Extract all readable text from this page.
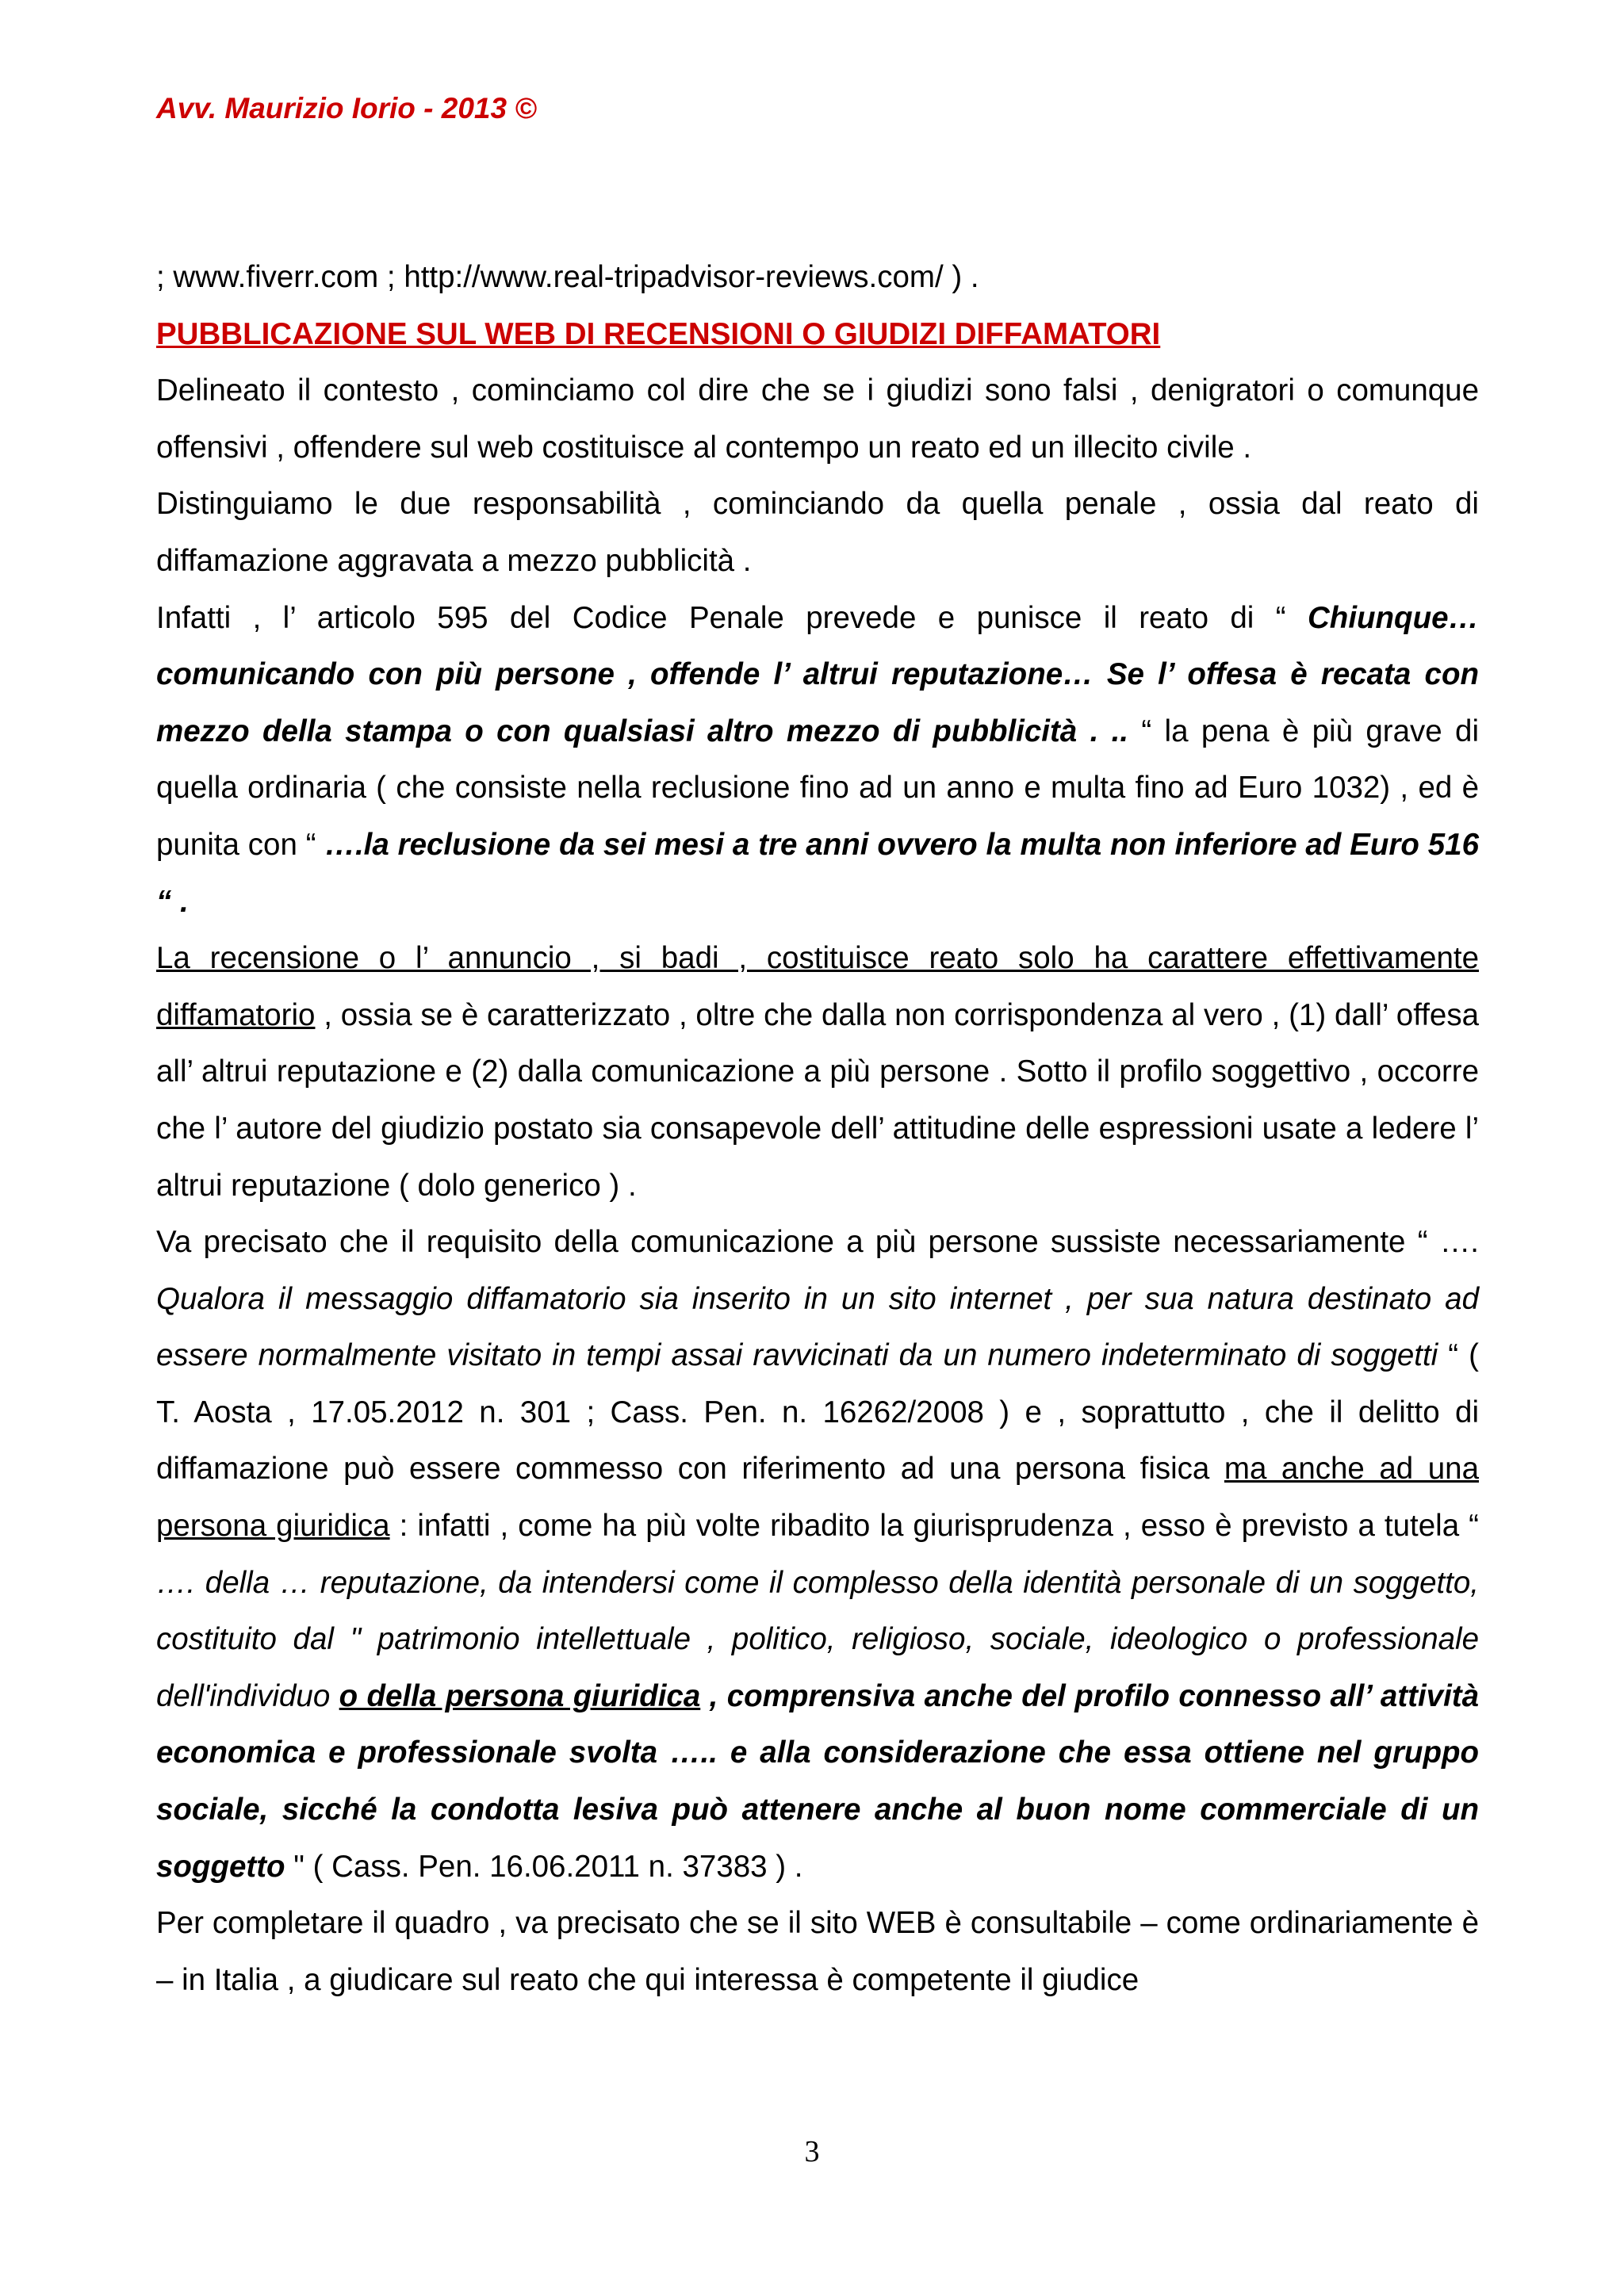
Avv. Maurizio Iorio - 2013 ©

; www.fiverr.com ; http://www.real-tripadvisor-reviews.com/ ) .

PUBBLICAZIONE SUL WEB DI RECENSIONI O GIUDIZI DIFFAMATORI

Delineato il contesto , cominciamo col dire che se i giudizi sono falsi , denigratori o comunque offensivi , offendere sul web costituisce al contempo un reato ed un illecito civile .

Distinguiamo le due responsabilità , cominciando da quella penale , ossia dal reato di diffamazione aggravata a mezzo pubblicità .

Infatti , l’ articolo 595 del Codice Penale prevede e punisce il reato di “ Chiunque… comunicando con più persone , offende l’ altrui reputazione… Se l’ offesa è recata con mezzo della stampa o con qualsiasi altro mezzo di pubblicità . .. “ la pena è più grave di quella ordinaria ( che consiste nella reclusione fino ad un anno e multa fino ad Euro 1032) , ed è punita con “ ….la reclusione da sei mesi a tre anni ovvero la multa non inferiore ad Euro 516 “ .

La recensione o l’ annuncio , si badi , costituisce reato solo ha carattere effettivamente diffamatorio , ossia se è caratterizzato , oltre che dalla non corrispondenza al vero , (1) dall’ offesa all’ altrui reputazione e (2) dalla comunicazione a più persone . Sotto il profilo soggettivo , occorre che l’ autore del giudizio postato sia consapevole dell’ attitudine delle espressioni usate a ledere l’ altrui reputazione ( dolo generico ) .

Va precisato che il requisito della comunicazione a più persone sussiste necessariamente “ …. Qualora il messaggio diffamatorio sia inserito in un sito internet , per sua natura destinato ad essere normalmente visitato in tempi assai ravvicinati da un numero indeterminato di soggetti “ ( T. Aosta , 17.05.2012 n. 301 ; Cass. Pen. n. 16262/2008 ) e , soprattutto , che il delitto di diffamazione può essere commesso con riferimento ad una persona fisica ma anche ad una persona giuridica : infatti , come ha più volte ribadito la giurisprudenza , esso è previsto a tutela “ …. della … reputazione, da intendersi come il complesso della identità personale di un soggetto, costituito dal " patrimonio intellettuale , politico, religioso, sociale, ideologico o professionale dell'individuo o della persona giuridica , comprensiva anche del profilo connesso all’ attività economica e professionale svolta ….. e alla considerazione che essa ottiene nel gruppo sociale, sicché la condotta lesiva può attenere anche al buon nome commerciale di un soggetto " ( Cass. Pen. 16.06.2011 n. 37383 ) .

Per completare il quadro , va precisato che se il sito WEB è consultabile – come ordinariamente è – in Italia , a giudicare sul reato che qui interessa è competente il giudice

3
